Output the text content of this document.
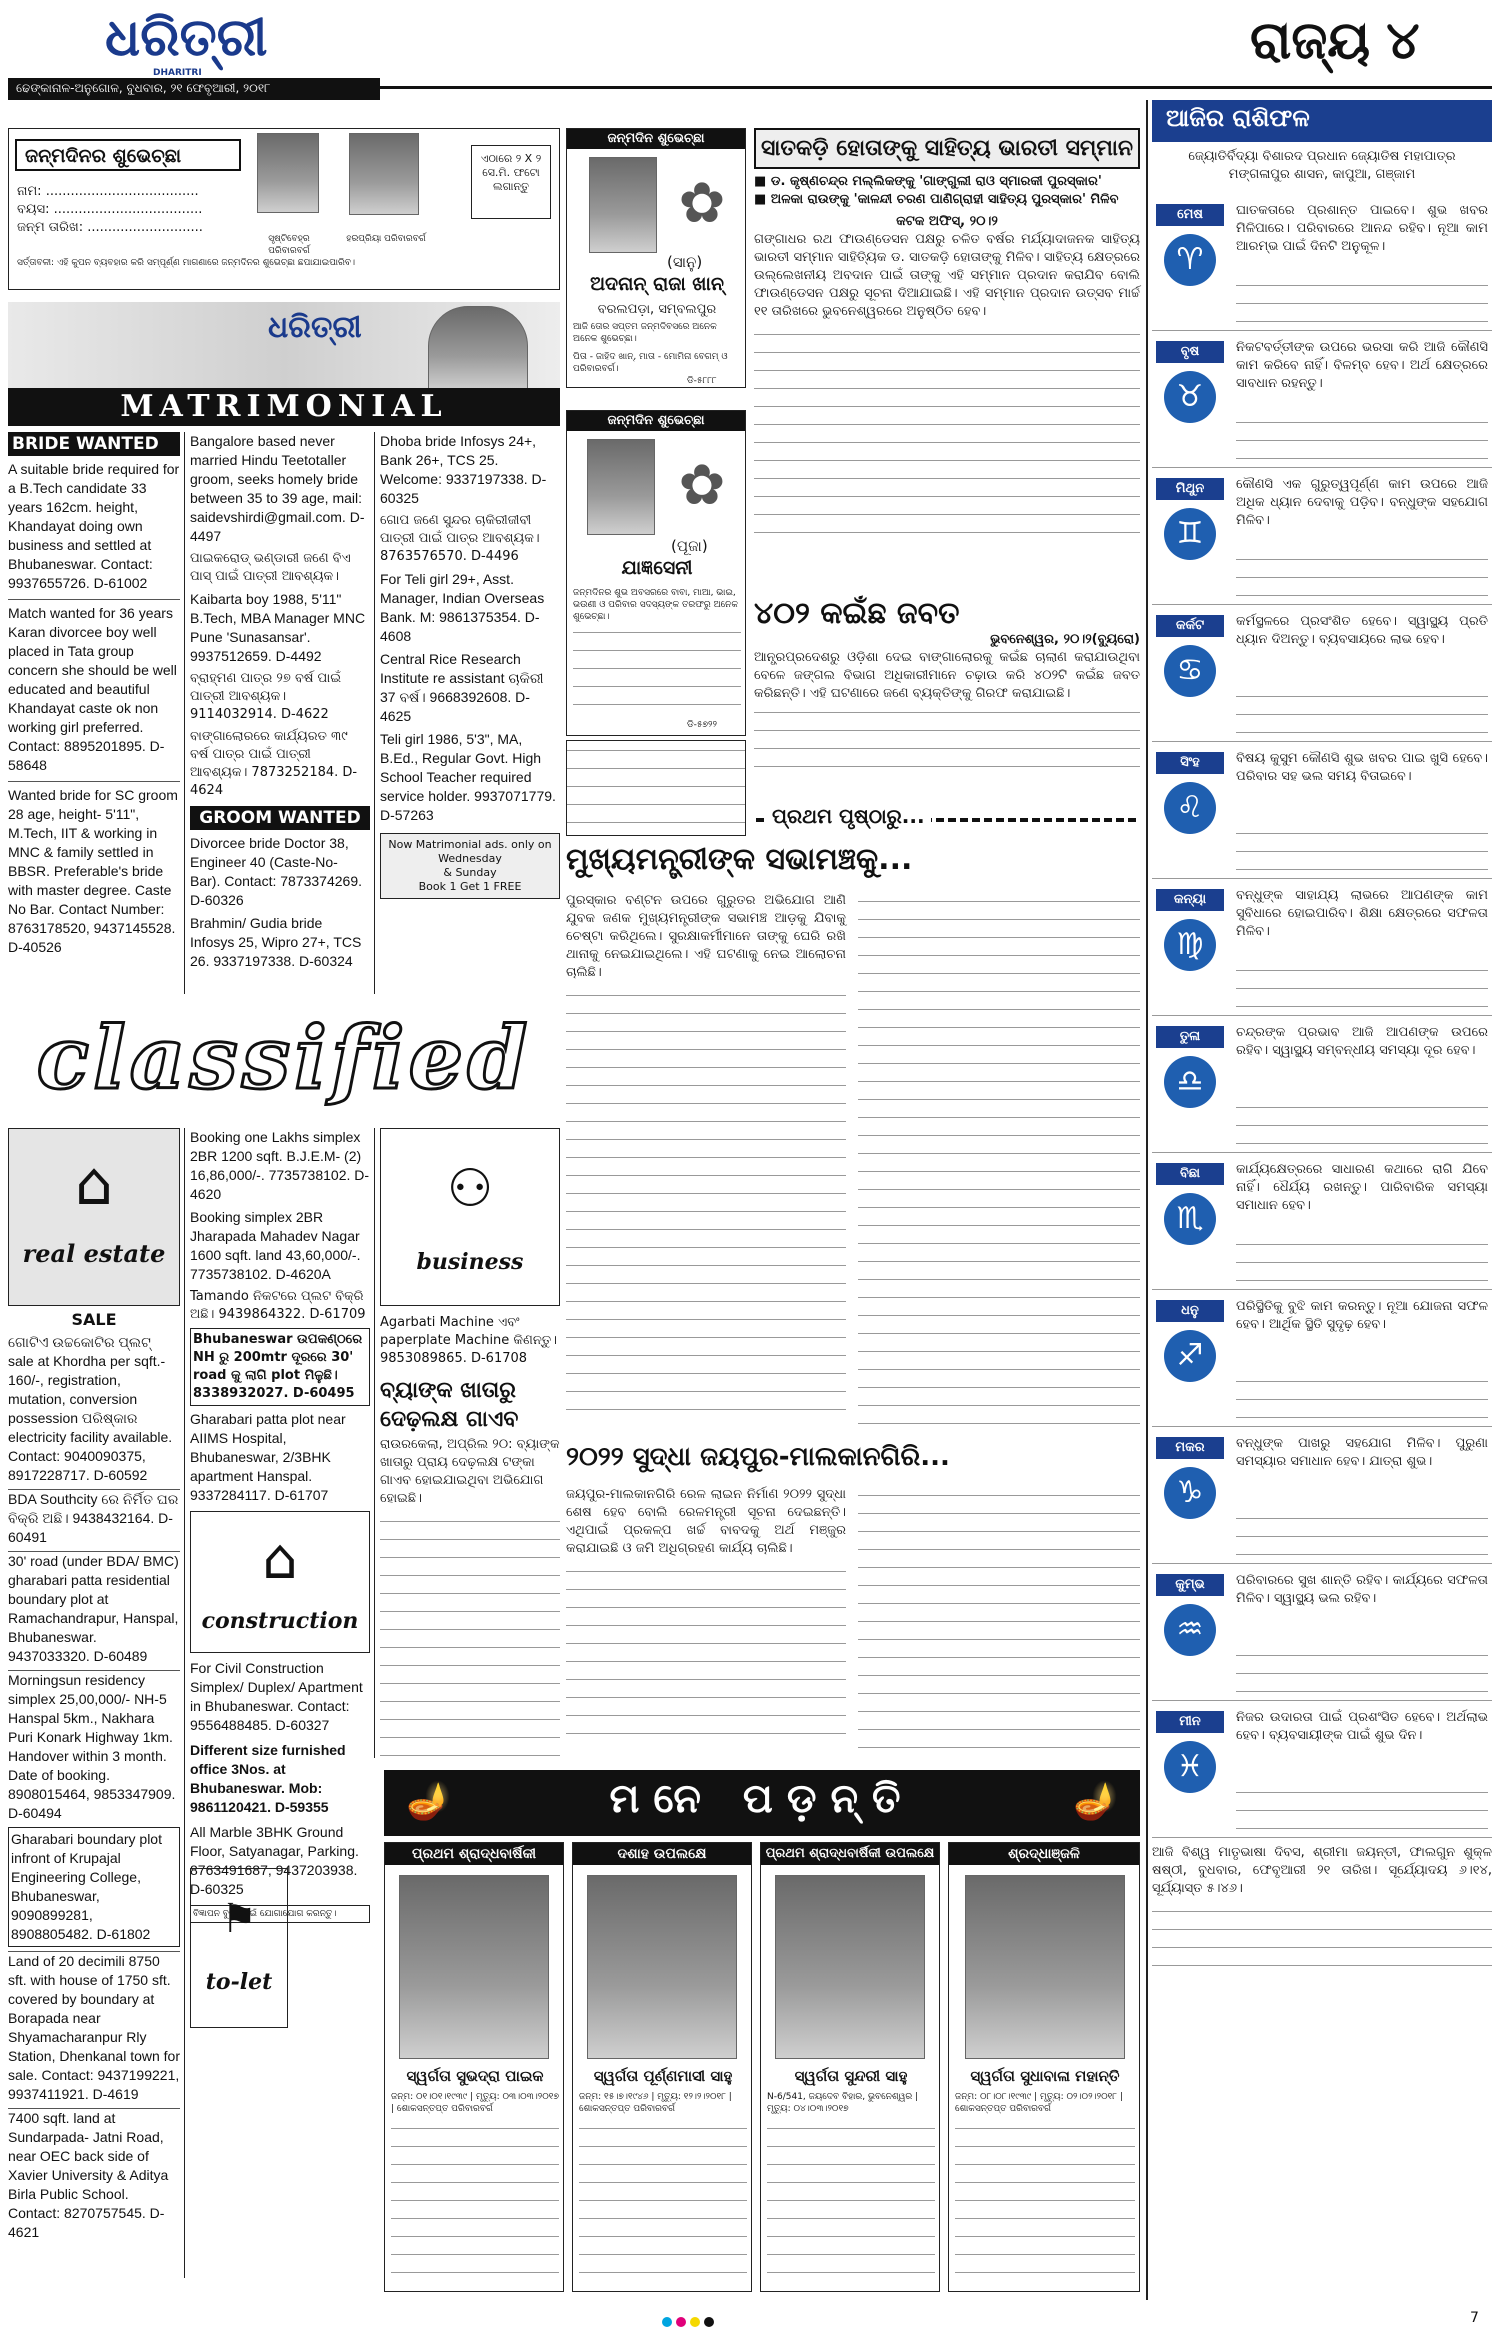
ଧରିତ୍ରୀ
DHARITRI
ଢେଙ୍କାନାଳ-ଅନୁଗୋଳ, ବୁଧବାର, ୨୧ ଫେବୃଆରୀ, ୨୦୧୮
ରାଜ୍ୟ ୪
ଜନ୍ମଦିନର ଶୁଭେଚ୍ଛା
ନାମ: .....................................
ବୟସ: ....................................
ଜନ୍ମ ତାରିଖ: ............................
ସୃଷ୍ଟିବେହ୍ର ପରିବାରବର୍ଗ
ହରପ୍ରିୟା ପରିବାରବର୍ଗ
ଏଠାରେ ୨ X ୨ ସେ.ମି. ଫଟୋ ଲଗାନ୍ତୁ
ସର୍ତ୍ତାବଳୀ: ଏହି କୁପନ ବ୍ୟବହାର କରି ସମ୍ପୂର୍ଣ୍ଣ ମାଗଣାରେ ଜନ୍ମଦିନର ଶୁଭେଚ୍ଛା ଛପାଯାଇପାରିବ।
ଧରିତ୍ରୀ
MATRIMONIAL
BRIDE WANTED
A suitable bride required for a B.Tech candidate 33 years 162cm. height, Khandayat doing own business and settled at Bhubaneswar. Contact: 9937655726. D-61002
Match wanted for 36 years Karan divorcee boy well placed in Tata group concern she should be well educated and beautiful Khandayat caste ok non working girl preferred. Contact: 8895201895. D-58648
Wanted bride for SC groom 28 age, height- 5'11", M.Tech, IIT & working in MNC & family settled in BBSR. Preferable's bride with master degree. Caste No Bar. Contact Number: 8763178520, 9437145528. D-40526
Bangalore based never married Hindu Teetotaller groom, seeks homely bride between 35 to 39 age, mail: saidevshirdi@gmail.com. D-4497
ପାଇକରୋଡ୍ ଭଣ୍ଡାରୀ ଜଣେ ବିଏ ପାସ୍ ପାଇଁ ପାତ୍ରୀ ଆବଶ୍ୟକ।
Kaibarta boy 1988, 5'11" B.Tech, MBA Manager MNC Pune 'Sunasansar'. 9937512659. D-4492
ବ୍ରାହ୍ମଣ ପାତ୍ର ୨୭ ବର୍ଷ ପାଇଁ ପାତ୍ରୀ ଆବଶ୍ୟକ। 9114032914. D-4622
ବାଙ୍ଗାଲୋରରେ କାର୍ଯ୍ୟରତ ୩୯ ବର୍ଷ ପାତ୍ର ପାଇଁ ପାତ୍ରୀ ଆବଶ୍ୟକ। 7873252184. D-4624
GROOM WANTED
Divorcee bride Doctor 38, Engineer 40 (Caste-No- Bar). Contact: 7873374269. D-60326
Brahmin/ Gudia bride Infosys 25, Wipro 27+, TCS 26. 9337197338. D-60324
Dhoba bride Infosys 24+, Bank 26+, TCS 25. Welcome: 9337197338. D-60325
ଗୋପ ଜଣେ ସୁନ୍ଦର ଚାକିରୀଜୀବୀ ପାତ୍ରୀ ପାଇଁ ପାତ୍ର ଆବଶ୍ୟକ। 8763576570. D-4496
For Teli girl 29+, Asst. Manager, Indian Overseas Bank. M: 9861375354. D-4608
Central Rice Research Institute re assistant ଚାକିରୀ 37 ବର୍ଷ। 9668392608. D-4625
Teli girl 1986, 5'3", MA, B.Ed., Regular Govt. High School Teacher required service holder. 9937071779. D-57263
Now Matrimonial ads. only on
Wednesday
& Sunday
Book 1 Get 1 FREE
classified
⌂
real estate
SALE
ଗୋଟିଏ ଉଚ୍ଚକୋଟିର ପ୍ଲଟ୍ sale at Khordha per sqft.- 160/-, registration, mutation, conversion possession ପରିଷ୍କାର electricity facility available. Contact: 9040090375, 8917228717. D-60592
BDA Southcity ରେ ନିର୍ମିତ ଘର ବିକ୍ରି ଅଛି। 9438432164. D-60491
30' road (under BDA/ BMC) gharabari patta residential boundary plot at Ramachandrapur, Hanspal, Bhubaneswar. 9437033320. D-60489
Morningsun residency simplex 25,00,000/- NH-5 Hanspal 5km., Nakhara Puri Konark Highway 1km. Handover within 3 month. Date of booking. 8908015464, 9853347909. D-60494
Gharabari boundary plot infront of Krupajal Engineering College, Bhubaneswar, 9090899281, 8908805482. D-61802
Land of 20 decimili 8750 sft. with house of 1750 sft. covered by boundary at Borapada near Shyamacharanpur Rly Station, Dhenkanal town for sale. Contact: 9437199221, 9937411921. D-4619
7400 sqft. land at Sundarpada- Jatni Road, near OEC back side of Xavier University & Aditya Birla Public School. Contact: 8270757545. D-4621
Booking one Lakhs simplex 2BR 1200 sqft. B.J.E.M- (2) 16,86,000/-. 7735738102. D-4620
Booking simplex 2BR Jharapada Mahadev Nagar 1600 sqft. land 43,60,000/-. 7735738102. D-4620A
Tamando ନିକଟରେ ପ୍ଲଟ ବିକ୍ରି ଅଛି। 9439864322. D-61709
Bhubaneswar ଉପକଣ୍ଠରେ NH ରୁ 200mtr ଦୂରରେ 30' road କୁ ଲାଗି plot ମିଳୁଛି। 8338932027. D-60495
Gharabari patta plot near AIIMS Hospital, Bhubaneswar, 2/3BHK apartment Hanspal. 9337284117. D-61707
⌂
construction
For Civil Construction Simplex/ Duplex/ Apartment in Bhubaneswar. Contact: 9556488485. D-60327
Different size furnished office 3Nos. at Bhubaneswar. Mob: 9861120421. D-59355
All Marble 3BHK Ground Floor, Satyanagar, Parking. 8763491687, 9437203938. D-60325
ବିଜ୍ଞାପନ ବୁକିଂ ପାଇଁ ଯୋଗାଯୋଗ କରନ୍ତୁ।
⚑
to-let
⚇
business
Agarbati Machine ଏବଂ paperplate Machine କିଣନ୍ତୁ। 9853089865. D-61708
ବ୍ୟାଙ୍କ ଖାତାରୁ
ଦେଢ଼ଲକ୍ଷ ଗାଏବ
ରାଉରକେଲା, ଅପ୍ରିଲ ୨୦: ବ୍ୟାଙ୍କ ଖାତାରୁ ପ୍ରାୟ ଦେଢ଼ଲକ୍ଷ ଟଙ୍କା ଗାଏବ ହୋଇଯାଇଥିବା ଅଭିଯୋଗ ହୋଇଛି।
ଜନ୍ମଦିନ ଶୁଭେଚ୍ଛା
✿
(ସାନୁ)
ଅଦନାନ୍ ରାଜା ଖାନ୍
ବରଲପଡ଼ା, ସମ୍ବଲପୁର
ଆଜି ତୋର ସପ୍ତମ ଜନ୍ମଦିବସରେ ଅନେକ ଅନେକ ଶୁଭେଚ୍ଛା।
ପିତା - ଜାହିଦ ଖାନ୍, ମାତା - ମୋମିନା ବେଗମ୍ ଓ ପରିବାରବର୍ଗ।
ଡି-୫୮୮୮
ଜନ୍ମଦିନ ଶୁଭେଚ୍ଛା
✿
(ପୂଜା)
ଯାଜ୍ଞସେନୀ
ଜନ୍ମଦିନର ଶୁଭ ଅବସରରେ ବାବା, ମାଆ, ଭାଇ, ଭଉଣୀ ଓ ପରିବାର ସଦସ୍ୟଙ୍କ ତରଫରୁ ଅନେକ ଶୁଭେଚ୍ଛା।
ଡି-୫୭୨୨
ସାତକଡ଼ି ହୋତାଙ୍କୁ ସାହିତ୍ୟ ଭାରତୀ ସମ୍ମାନ
■ ଡ. କୃଷ୍ଣଚନ୍ଦ୍ର ମଲ୍ଲିକଙ୍କୁ 'ଗାଙ୍ଗୁଲୀ ରାଓ ସ୍ମାରକୀ ପୁରସ୍କାର'
■ ଅଳକା ରାଉଙ୍କୁ 'କାଳନ୍ଦୀ ଚରଣ ପାଣିଗ୍ରାହୀ ସାହିତ୍ୟ ପୁରସ୍କାର' ମିଳିବ
କଟକ ଅଫିସ୍, ୨୦।୨
ଗଙ୍ଗାଧର ରଥ ଫାଉଣ୍ଡେସନ ପକ୍ଷରୁ ଚଳିତ ବର୍ଷର ମର୍ଯ୍ୟାଦାଜନକ ସାହିତ୍ୟ ଭାରତୀ ସମ୍ମାନ ସାହିତ୍ୟିକ ଡ. ସାତକଡ଼ି ହୋତାଙ୍କୁ ମିଳିବ। ସାହିତ୍ୟ କ୍ଷେତ୍ରରେ ଉଲ୍ଲେଖନୀୟ ଅବଦାନ ପାଇଁ ତାଙ୍କୁ ଏହି ସମ୍ମାନ ପ୍ରଦାନ କରାଯିବ ବୋଲି ଫାଉଣ୍ଡେସନ ପକ୍ଷରୁ ସୂଚନା ଦିଆଯାଇଛି। ଏହି ସମ୍ମାନ ପ୍ରଦାନ ଉତ୍ସବ ମାର୍ଚ୍ଚ ୧୧ ତାରିଖରେ ଭୁବନେଶ୍ୱରରେ ଅନୁଷ୍ଠିତ ହେବ।
୪୦୨ କଇଁଛ ଜବତ
ଭୁବନେଶ୍ୱର, ୨୦।୨(ବ୍ୟୁରୋ)
ଆନ୍ଧ୍ରପ୍ରଦେଶରୁ ଓଡ଼ିଶା ଦେଇ ବାଙ୍ଗାଲୋରକୁ କଇଁଛ ଚାଲାଣ କରାଯାଉଥିବା ବେଳେ ଜଙ୍ଗଲ ବିଭାଗ ଅଧିକାରୀମାନେ ଚଢ଼ାଉ କରି ୪୦୨ଟି କଇଁଛ ଜବତ କରିଛନ୍ତି। ଏହି ଘଟଣାରେ ଜଣେ ବ୍ୟକ୍ତିଙ୍କୁ ଗିରଫ କରାଯାଇଛି।
ପ୍ରଥମ ପୃଷ୍ଠାରୁ...
ମୁଖ୍ୟମନ୍ତ୍ରୀଙ୍କ ସଭାମଞ୍ଚକୁ...
ପୁରସ୍କାର ବଣ୍ଟନ ଉପରେ ଗୁରୁତର ଅଭିଯୋଗ ଆଣି ଯୁବକ ଜଣକ ମୁଖ୍ୟମନ୍ତ୍ରୀଙ୍କ ସଭାମଞ୍ଚ ଆଡ଼କୁ ଯିବାକୁ ଚେଷ୍ଟା କରିଥିଲେ। ସୁରକ୍ଷାକର୍ମୀମାନେ ତାଙ୍କୁ ଘେରି ରଖି ଥାନାକୁ ନେଇଯାଇଥିଲେ। ଏହି ଘଟଣାକୁ ନେଇ ଆଲୋଚନା ଚାଲିଛି।
୨୦୨୨ ସୁଦ୍ଧା ଜୟପୁର-ମାଲକାନଗିରି...
ଜୟପୁର-ମାଲକାନଗିରି ରେଳ ଲାଇନ ନିର୍ମାଣ ୨୦୨୨ ସୁଦ୍ଧା ଶେଷ ହେବ ବୋଲି ରେଳମନ୍ତ୍ରୀ ସୂଚନା ଦେଇଛନ୍ତି। ଏଥିପାଇଁ ପ୍ରକଳ୍ପ ଖର୍ଚ୍ଚ ବାବଦକୁ ଅର୍ଥ ମଞ୍ଜୁର କରାଯାଇଛି ଓ ଜମି ଅଧିଗ୍ରହଣ କାର୍ଯ୍ୟ ଚାଲିଛି।
🪔	ମନେ ପଡ଼ନ୍ତି	🪔
ପ୍ରଥମ ଶ୍ରାଦ୍ଧବାର୍ଷିକୀ
ସ୍ୱର୍ଗତା ସୁଭଦ୍ରା ପାଇକ
ଜନ୍ମ: ୦୧।୦୧।୧୯୩୯ | ମୃତ୍ୟୁ: ୦୩।୦୩।୨୦୧୭ | ଶୋକସନ୍ତପ୍ତ ପରିବାରବର୍ଗ
ଦଶାହ ଉପଲକ୍ଷେ
ସ୍ୱର୍ଗତା ପୂର୍ଣ୍ଣମାସୀ ସାହୁ
ଜନ୍ମ: ୧୫।୭।୧୯୪୬ | ମୃତ୍ୟୁ: ୧୨।୨।୨୦୧୮ | ଶୋକସନ୍ତପ୍ତ ପରିବାରବର୍ଗ
ପ୍ରଥମ ଶ୍ରାଦ୍ଧବାର୍ଷିକୀ ଉପଲକ୍ଷେ
ସ୍ୱର୍ଗତା ସୁନ୍ଦରୀ ସାହୁ
N-6/541, ଜୟଦେବ ବିହାର, ଭୁବନେଶ୍ୱର | ମୃତ୍ୟୁ: ୦୪।୦୩।୨୦୧୭
ଶ୍ରଦ୍ଧାଞ୍ଜଳି
ସ୍ୱର୍ଗତା ସୁଧାବାଳା ମହାନ୍ତି
ଜନ୍ମ: ୦୮।୦୮।୧୯୩୯ | ମୃତ୍ୟୁ: ୦୨।୦୨।୨୦୧୮ | ଶୋକସନ୍ତପ୍ତ ପରିବାରବର୍ଗ
ଆଜିର ରାଶିଫଳ
ଜ୍ୟୋତିର୍ବିଦ୍ୟା ବିଶାରଦ ପ୍ରଧାନ ଜ୍ୟୋତିଷ ମହାପାତ୍ର
ମଙ୍ଗଳାପୁର ଶାସନ, କାପୁଆ, ଗଞ୍ଜାମ
ମେଷ
♈
ଘାତକତାରେ ପ୍ରଶାନ୍ତ ପାଇବେ। ଶୁଭ ଖବର ମିଳିପାରେ। ପରିବାରରେ ଆନନ୍ଦ ରହିବ। ନୂଆ କାମ ଆରମ୍ଭ ପାଇଁ ଦିନଟି ଅନୁକୂଳ।
ବୃଷ
♉
ନିକଟବର୍ତ୍ତୀଙ୍କ ଉପରେ ଭରସା କରି ଆଜି କୌଣସି କାମ କରିବେ ନାହିଁ। ବିଳମ୍ବ ହେବ। ଅର୍ଥ କ୍ଷେତ୍ରରେ ସାବଧାନ ରହନ୍ତୁ।
ମିଥୁନ
♊
କୌଣସି ଏକ ଗୁରୁତ୍ୱପୂର୍ଣ୍ଣ କାମ ଉପରେ ଆଜି ଅଧିକ ଧ୍ୟାନ ଦେବାକୁ ପଡ଼ିବ। ବନ୍ଧୁଙ୍କ ସହଯୋଗ ମିଳିବ।
କର୍କଟ
♋
କର୍ମସ୍ଥଳରେ ପ୍ରସଂଶିତ ହେବେ। ସ୍ୱାସ୍ଥ୍ୟ ପ୍ରତି ଧ୍ୟାନ ଦିଅନ୍ତୁ। ବ୍ୟବସାୟରେ ଲାଭ ହେବ।
ସିଂହ
♌
ବିଷୟ କୁସୁମ କୌଣସି ଶୁଭ ଖବର ପାଇ ଖୁସି ହେବେ। ପରିବାର ସହ ଭଲ ସମୟ ବିତାଇବେ।
କନ୍ୟା
♍
ବନ୍ଧୁଙ୍କ ସାହାଯ୍ୟ ଲାଭରେ ଆପଣଙ୍କ କାମ ସୁବିଧାରେ ହୋଇପାରିବ। ଶିକ୍ଷା କ୍ଷେତ୍ରରେ ସଫଳତା ମିଳିବ।
ତୁଳା
♎
ଚନ୍ଦ୍ରଙ୍କ ପ୍ରଭାବ ଆଜି ଆପଣଙ୍କ ଉପରେ ରହିବ। ସ୍ୱାସ୍ଥ୍ୟ ସମ୍ବନ୍ଧୀୟ ସମସ୍ୟା ଦୂର ହେବ।
ବିଛା
♏
କାର୍ଯ୍ୟକ୍ଷେତ୍ରରେ ସାଧାରଣ କଥାରେ ରାଗି ଯିବେ ନାହିଁ। ଧୈର୍ଯ୍ୟ ରଖନ୍ତୁ। ପାରିବାରିକ ସମସ୍ୟା ସମାଧାନ ହେବ।
ଧନୁ
♐
ପରିସ୍ଥିତିକୁ ବୁଝି କାମ କରନ୍ତୁ। ନୂଆ ଯୋଜନା ସଫଳ ହେବ। ଆର୍ଥିକ ସ୍ଥିତି ସୁଦୃଢ଼ ହେବ।
ମକର
♑
ବନ୍ଧୁଙ୍କ ପାଖରୁ ସହଯୋଗ ମିଳିବ। ପୁରୁଣା ସମସ୍ୟାର ସମାଧାନ ହେବ। ଯାତ୍ରା ଶୁଭ।
କୁମ୍ଭ
♒
ପରିବାରରେ ସୁଖ ଶାନ୍ତି ରହିବ। କାର୍ଯ୍ୟରେ ସଫଳତା ମିଳିବ। ସ୍ୱାସ୍ଥ୍ୟ ଭଲ ରହିବ।
ମୀନ
♓
ନିଜର ଉଦାରତା ପାଇଁ ପ୍ରଶଂସିତ ହେବେ। ଅର୍ଥଲାଭ ହେବ। ବ୍ୟବସାୟୀଙ୍କ ପାଇଁ ଶୁଭ ଦିନ।
ଆଜି ବିଶ୍ୱ ମାତୃଭାଷା ଦିବସ, ଶ୍ରୀମା ଜୟନ୍ତୀ, ଫାଲଗୁନ ଶୁକ୍ଳ ଷଷ୍ଠୀ, ବୁଧବାର, ଫେବୃଆରୀ ୨୧ ତାରିଖ। ସୂର୍ଯ୍ୟୋଦୟ ୬।୧୪, ସୂର୍ଯ୍ୟାସ୍ତ ୫।୪୬।
7
